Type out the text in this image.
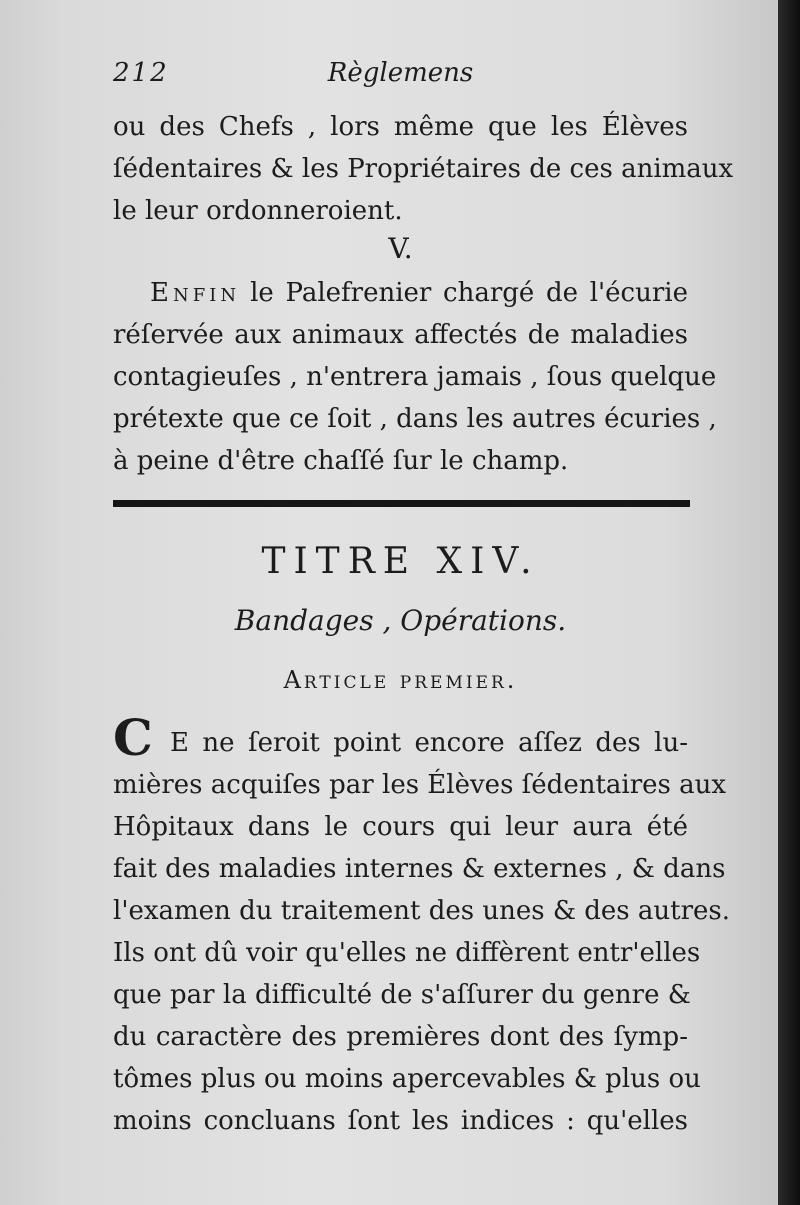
212	Règlemens

ou des Chefs , lors même que les Élèves

ſédentaires & les Propriétaires de ces animaux

le leur ordonneroient.

V.

Enfin le Palefrenier chargé de l'écurie

réſervée aux animaux affectés de maladies

contagieuſes , n'entrera jamais , ſous quelque

prétexte que ce ſoit , dans les autres écuries ,

à peine d'être chaſſé ſur le champ.

TITRE XIV.
Bandages , Opérations.
Article premier.
C E ne ſeroit point encore aſſez des lu-

mières acquiſes par les Élèves ſédentaires aux

Hôpitaux dans le cours qui leur aura été

fait des maladies internes & externes , & dans

l'examen du traitement des unes & des autres.

Ils ont dû voir qu'elles ne diffèrent entr'elles

que par la difficulté de s'aſſurer du genre &

du caractère des premières dont des ſymp-

tômes plus ou moins apercevables & plus ou

moins concluans ſont les indices : qu'elles
